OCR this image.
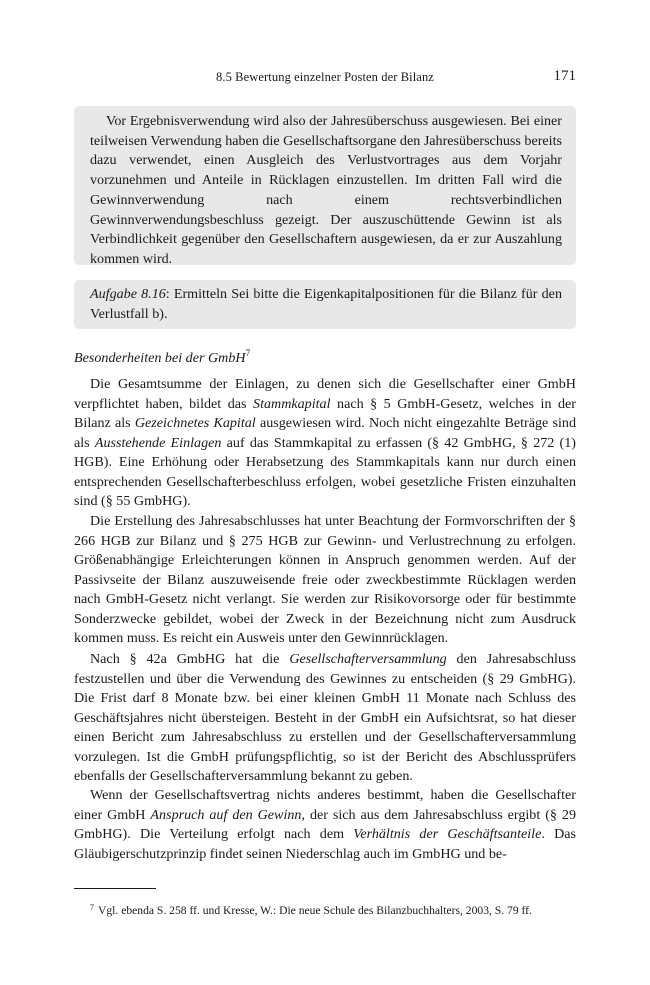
8.5 Bewertung einzelner Posten der Bilanz	171

Vor Ergebnisverwendung wird also der Jahresüberschuss ausgewiesen. Bei einer teilweisen Verwendung haben die Gesellschaftsorgane den Jahresüberschuss bereits dazu verwendet, einen Ausgleich des Verlustvortrages aus dem Vorjahr vorzunehmen und Anteile in Rücklagen einzustellen. Im dritten Fall wird die Gewinnverwendung nach einem rechtsverbindlichen Gewinnverwendungsbeschluss gezeigt. Der auszuschüttende Gewinn ist als Verbindlichkeit gegenüber den Gesellschaftern ausgewiesen, da er zur Auszahlung kommen wird.

Aufgabe 8.16: Ermitteln Sei bitte die Eigenkapitalpositionen für die Bilanz für den Verlustfall b).

Besonderheiten bei der GmbH$^7$

Die Gesamtsumme der Einlagen, zu denen sich die Gesellschafter einer GmbH verpflichtet haben, bildet das Stammkapital nach § 5 GmbH-Gesetz, welches in der Bilanz als Gezeichnetes Kapital ausgewiesen wird. Noch nicht eingezahlte Beträge sind als Ausstehende Einlagen auf das Stammkapital zu erfassen (§ 42 GmbHG, § 272 (1) HGB). Eine Erhöhung oder Herabsetzung des Stammkapitals kann nur durch einen entsprechenden Gesellschafterbeschluss erfolgen, wobei gesetzliche Fristen einzuhalten sind (§ 55 GmbHG).

Die Erstellung des Jahresabschlusses hat unter Beachtung der Formvorschriften der § 266 HGB zur Bilanz und § 275 HGB zur Gewinn- und Verlustrechnung zu erfolgen. Größenabhängige Erleichterungen können in Anspruch genommen werden. Auf der Passivseite der Bilanz auszuweisende freie oder zweckbestimmte Rücklagen werden nach GmbH-Gesetz nicht verlangt. Sie werden zur Risikovorsorge oder für bestimmte Sonderzwecke gebildet, wobei der Zweck in der Bezeichnung nicht zum Ausdruck kommen muss. Es reicht ein Ausweis unter den Gewinnrücklagen.

Nach § 42a GmbHG hat die Gesellschafterversammlung den Jahresabschluss festzustellen und über die Verwendung des Gewinnes zu entscheiden (§ 29 GmbHG). Die Frist darf 8 Monate bzw. bei einer kleinen GmbH 11 Monate nach Schluss des Geschäftsjahres nicht übersteigen. Besteht in der GmbH ein Aufsichtsrat, so hat dieser einen Bericht zum Jahresabschluss zu erstellen und der Gesellschafterversammlung vorzulegen. Ist die GmbH prüfungspflichtig, so ist der Bericht des Abschlussprüfers ebenfalls der Gesellschafterversammlung bekannt zu geben.

Wenn der Gesellschaftsvertrag nichts anderes bestimmt, haben die Gesellschafter einer GmbH Anspruch auf den Gewinn, der sich aus dem Jahresabschluss ergibt (§ 29 GmbHG). Die Verteilung erfolgt nach dem Verhältnis der Geschäftsanteile. Das Gläubigerschutzprinzip findet seinen Niederschlag auch im GmbHG und be-

$^7$ Vgl. ebenda S. 258 ff. und Kresse, W.: Die neue Schule des Bilanzbuchhalters, 2003, S. 79 ff.
